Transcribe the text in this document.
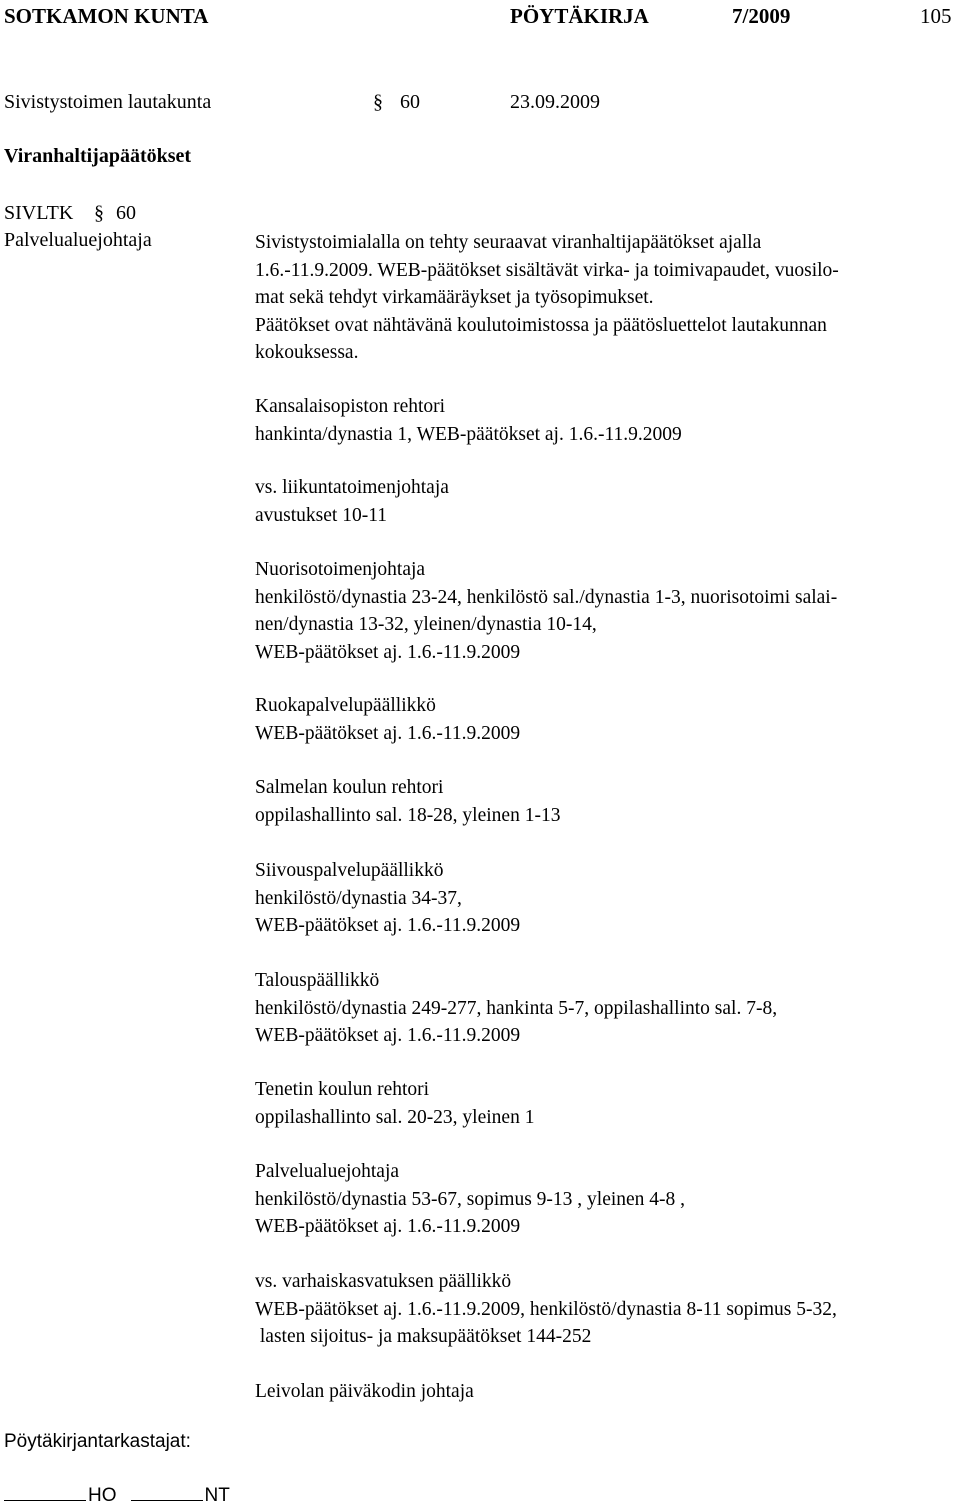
SOTKAMON KUNTA	PÖYTÄKIRJA	7/2009	105
Sivistystoimen lautakunta	§ 60	23.09.2009
Viranhaltijapäätökset
SIVLTK § 60
Palvelualuejohtaja	Sivistystoimialalla on tehty seuraavat viranhaltijapäätökset ajalla
1.6.-11.9.2009. WEB-päätökset sisältävät virka- ja toimivapaudet, vuosilo-
mat sekä tehdyt virkamääräykset ja työsopimukset.
Päätökset ovat nähtävänä koulutoimistossa ja päätösluettelot lautakunnan
kokouksessa.
Kansalaisopiston rehtori
hankinta/dynastia 1, WEB-päätökset aj. 1.6.-11.9.2009
vs. liikuntatoimenjohtaja
avustukset 10-11
Nuorisotoimenjohtaja
henkilöstö/dynastia 23-24, henkilöstö sal./dynastia 1-3, nuorisotoimi salai-
nen/dynastia 13-32, yleinen/dynastia 10-14,
WEB-päätökset aj. 1.6.-11.9.2009
Ruokapalvelupäällikkö
WEB-päätökset aj. 1.6.-11.9.2009
Salmelan koulun rehtori
oppilashallinto sal. 18-28, yleinen 1-13
Siivouspalvelupäällikkö
henkilöstö/dynastia 34-37,
WEB-päätökset aj. 1.6.-11.9.2009
Talouspäällikkö
henkilöstö/dynastia 249-277, hankinta 5-7, oppilashallinto sal. 7-8,
WEB-päätökset aj. 1.6.-11.9.2009
Tenetin koulun rehtori
oppilashallinto sal. 20-23, yleinen 1
Palvelualuejohtaja
henkilöstö/dynastia 53-67, sopimus 9-13 , yleinen 4-8 ,
WEB-päätökset aj. 1.6.-11.9.2009
vs. varhaiskasvatuksen päällikkö
WEB-päätökset aj. 1.6.-11.9.2009, henkilöstö/dynastia 8-11 sopimus 5-32,
lasten sijoitus- ja maksupäätökset 144-252
Leivolan päiväkodin johtaja
Pöytäkirjantarkastajat:
HO	NT
